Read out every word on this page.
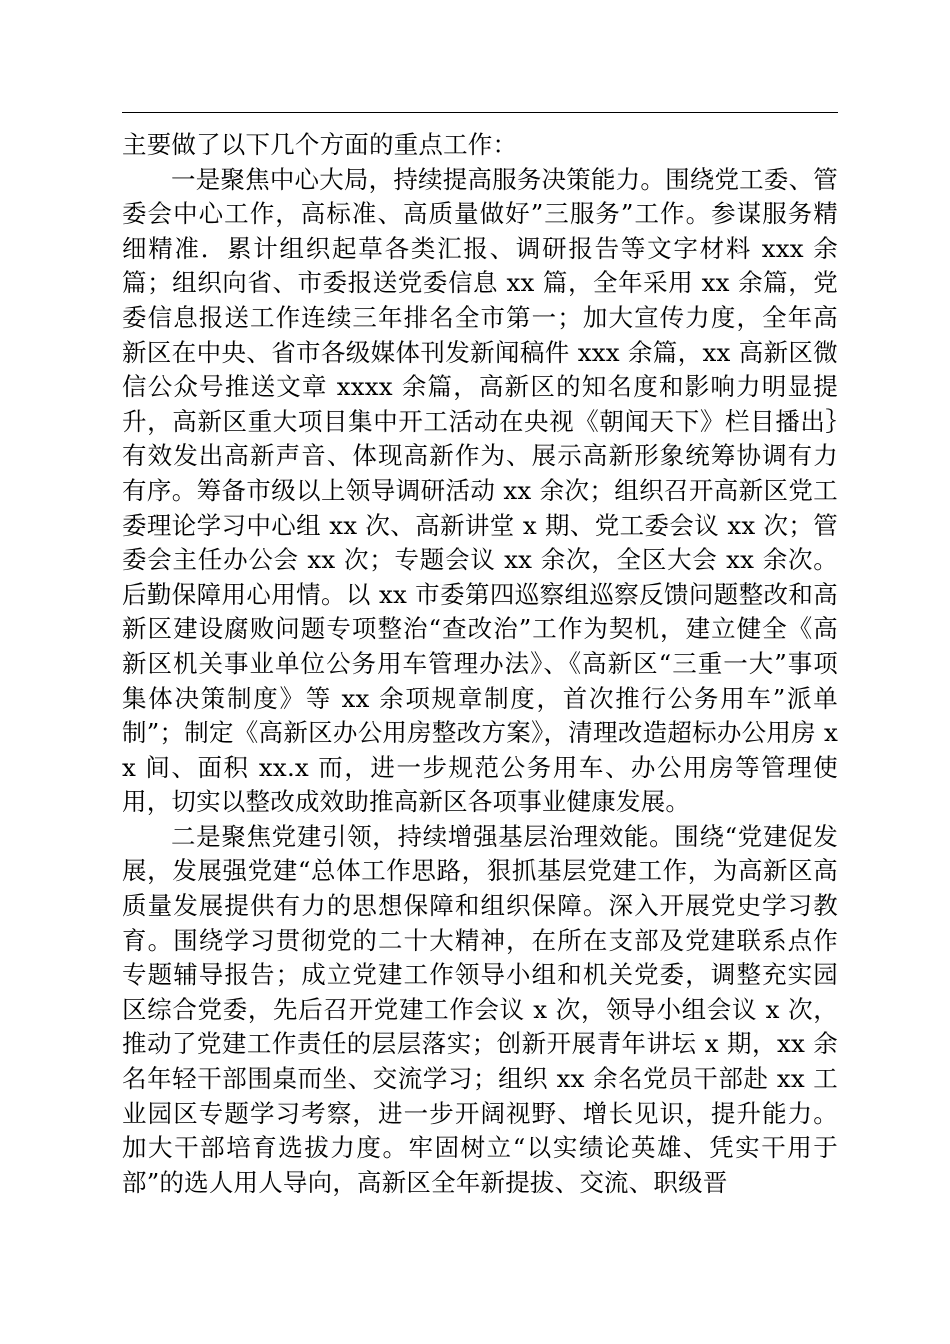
主要做了以下几个方面的重点工作：

一是聚焦中心大局，持续提高服务决策能力。围绕党工委、管委会中心工作，高标准、高质量做好”三服务”工作。参谋服务精细精准．累计组织起草各类汇报、调研报告等文字材料 xxx 余篇；组织向省、市委报送党委信息 xx 篇，全年采用 xx 余篇，党委信息报送工作连续三年排名全市第一；加大宣传力度，全年高新区在中央、省市各级媒体刊发新闻稿件 xxx 余篇，xx 高新区微信公众号推送文章 xxxx 余篇，高新区的知名度和影响力明显提升，高新区重大项目集中开工活动在央视《朝闻天下》栏目播出｝有效发出高新声音、体现高新作为、展示高新形象统筹协调有力有序。筹备市级以上领导调研活动 xx 余次；组织召开高新区党工委理论学习中心组 xx 次、高新讲堂 x 期、党工委会议 xx 次；管委会主任办公会 xx 次；专题会议 xx 余次，全区大会 xx 余次。后勤保障用心用情。以 xx 市委第四巡察组巡察反馈问题整改和高新区建设腐败问题专项整治“查改治”工作为契机，建立健全《高新区机关事业单位公务用车管理办法》、《高新区“三重一大”事项集体决策制度》等 xx 余项规章制度，首次推行公务用车”派单制”；制定《高新区办公用房整改方案》，清理改造超标办公用房 xx 间、面积 xx.x 而，进一步规范公务用车、办公用房等管理使用，切实以整改成效助推高新区各项事业健康发展。

二是聚焦党建引领，持续增强基层治理效能。围绕“党建促发展，发展强党建“总体工作思路，狠抓基层党建工作，为高新区高质量发展提供有力的思想保障和组织保障。深入开展党史学习教育。围绕学习贯彻党的二十大精神，在所在支部及党建联系点作专题辅导报告；成立党建工作领导小组和机关党委，调整充实园区综合党委，先后召开党建工作会议 x 次，领导小组会议 x 次，推动了党建工作责任的层层落实；创新开展青年讲坛 x 期，xx 余名年轻干部围桌而坐、交流学习；组织 xx 余名党员干部赴 xx 工业园区专题学习考察，进一步开阔视野、增长见识，提升能力。加大干部培育选拔力度。牢固树立“以实绩论英雄、凭实干用于部”的选人用人导向，高新区全年新提拔、交流、职级晋
